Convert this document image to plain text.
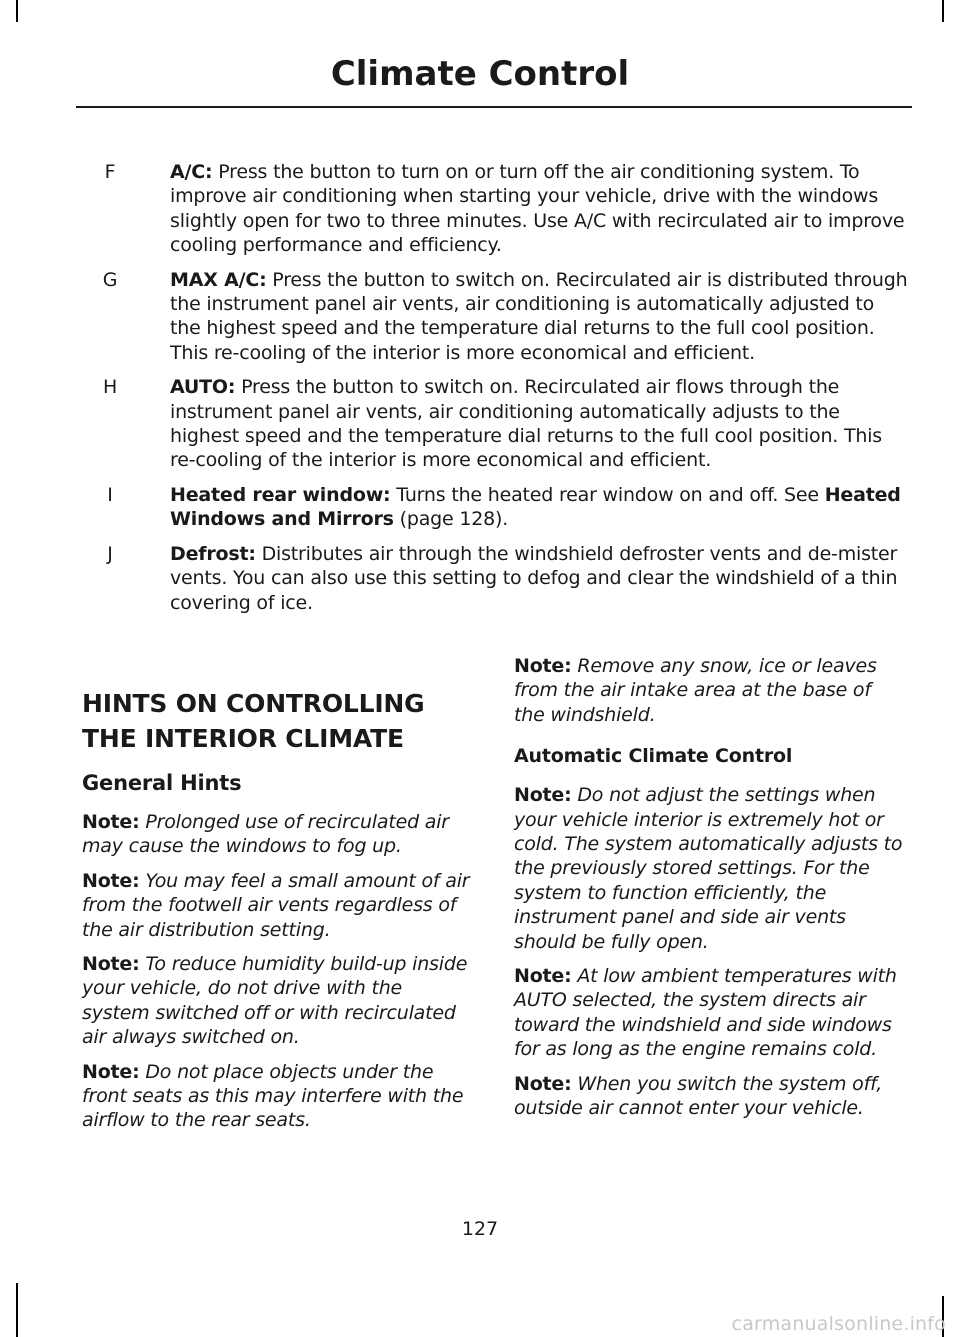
Climate Control
F	A/C: Press the button to turn on or turn off the air conditioning system. To improve air conditioning when starting your vehicle, drive with the windows slightly open for two to three minutes. Use A/C with recirculated air to improve cooling performance and efficiency.
G	MAX A/C: Press the button to switch on. Recirculated air is distributed through the instrument panel air vents, air conditioning is automatically adjusted to the highest speed and the temperature dial returns to the full cool position. This re-cooling of the interior is more economical and efficient.
H	AUTO: Press the button to switch on. Recirculated air flows through the instrument panel air vents, air conditioning automatically adjusts to the highest speed and the temperature dial returns to the full cool position. This re-cooling of the interior is more economical and efficient.
I	Heated rear window: Turns the heated rear window on and off. See Heated Windows and Mirrors (page 128).
J	Defrost: Distributes air through the windshield defroster vents and de-mister vents. You can also use this setting to defog and clear the windshield of a thin covering of ice.
HINTS ON CONTROLLING
THE INTERIOR CLIMATE
General Hints

Note: Prolonged use of recirculated air may cause the windows to fog up.

Note: You may feel a small amount of air from the footwell air vents regardless of the air distribution setting.

Note: To reduce humidity build-up inside your vehicle, do not drive with the system switched off or with recirculated air always switched on.

Note: Do not place objects under the front seats as this may interfere with the airflow to the rear seats.

Note: Remove any snow, ice or leaves from the air intake area at the base of the windshield.

Automatic Climate Control

Note: Do not adjust the settings when your vehicle interior is extremely hot or cold. The system automatically adjusts to the previously stored settings. For the system to function efficiently, the instrument panel and side air vents should be fully open.

Note: At low ambient temperatures with AUTO selected, the system directs air toward the windshield and side windows for as long as the engine remains cold.

Note: When you switch the system off, outside air cannot enter your vehicle.

127
carmanualsonline.info
